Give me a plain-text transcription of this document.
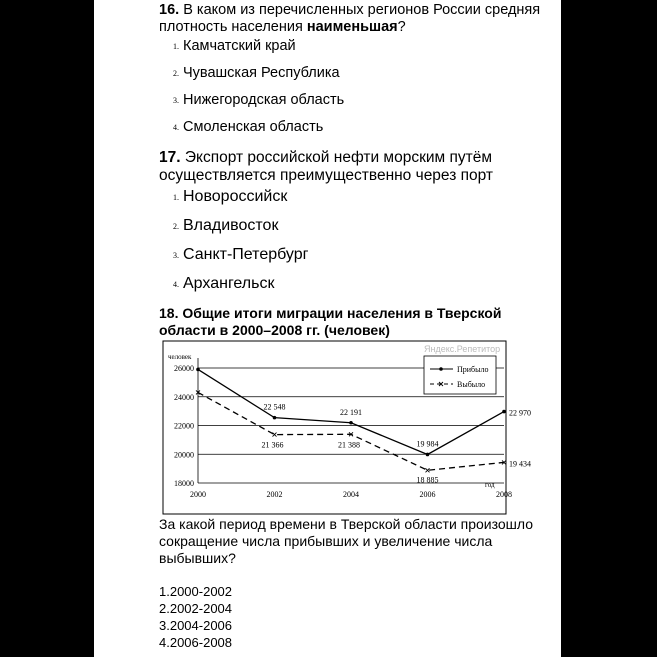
16. В каком из перечисленных регионов России средняя плотность населения наименьшая?
1. Камчатский край
2. Чувашская Республика
3. Нижегородская область
4. Смоленская область
17. Экспорт российской нефти морским путём осуществляется преимущественно через порт
1. Новороссийск
2. Владивосток
3. Санкт-Петербург
4. Архангельск
18. Общие итоги миграции населения в Тверской области в 2000–2008 гг. (человек)
Яндекс.Репетитор
18000
20000
22000
24000
26000
человек
2000	2002	2004	2006	2008
год
22 548
22 191
19 984
22 970
21 366	21 388
18 885
19 434
Прибыло
Выбыло
За какой период времени в Тверской области произошло сокращение числа прибывших и увеличение числа выбывших?
1.2000-2002
2.2002-2004
3.2004-2006
4.2006-2008
